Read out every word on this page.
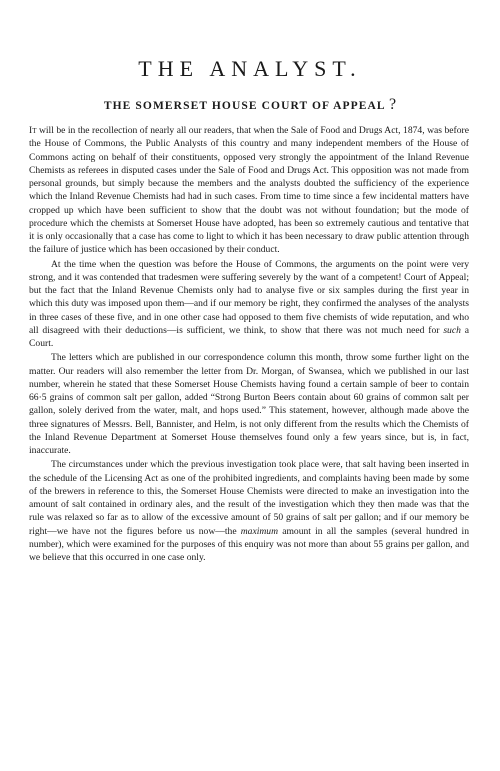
THE ANALYST.
THE SOMERSET HOUSE COURT OF APPEAL ?

It will be in the recollection of nearly all our readers, that when the Sale of Food and Drugs Act, 1874, was before the House of Commons, the Public Analysts of this country and many independent members of the House of Commons acting on behalf of their constituents, opposed very strongly the appointment of the Inland Revenue Chemists as referees in disputed cases under the Sale of Food and Drugs Act. This opposition was not made from personal grounds, but simply because the members and the analysts doubted the sufficiency of the experience which the Inland Revenue Chemists had had in such cases. From time to time since a few incidental matters have cropped up which have been sufficient to show that the doubt was not without foundation; but the mode of procedure which the chemists at Somerset House have adopted, has been so extremely cautious and tentative that it is only occasionally that a case has come to light to which it has been necessary to draw public attention through the failure of justice which has been occasioned by their conduct.

At the time when the question was before the House of Commons, the arguments on the point were very strong, and it was contended that tradesmen were suffering severely by the want of a competent! Court of Appeal; but the fact that the Inland Revenue Chemists only had to analyse five or six samples during the first year in which this duty was imposed upon them—and if our memory be right, they confirmed the analyses of the analysts in three cases of these five, and in one other case had opposed to them five chemists of wide reputation, and who all disagreed with their deductions—is sufficient, we think, to show that there was not much need for such a Court.

The letters which are published in our correspondence column this month, throw some further light on the matter. Our readers will also remember the letter from Dr. Morgan, of Swansea, which we published in our last number, wherein he stated that these Somerset House Chemists having found a certain sample of beer to contain 66·5 grains of common salt per gallon, added “Strong Burton Beers contain about 60 grains of common salt per gallon, solely derived from the water, malt, and hops used.” This statement, however, although made above the three signatures of Messrs. Bell, Bannister, and Helm, is not only different from the results which the Chemists of the Inland Revenue Department at Somerset House themselves found only a few years since, but is, in fact, inaccurate.

The circumstances under which the previous investigation took place were, that salt having been inserted in the schedule of the Licensing Act as one of the prohibited ingredients, and complaints having been made by some of the brewers in reference to this, the Somerset House Chemists were directed to make an investigation into the amount of salt contained in ordinary ales, and the result of the investigation which they then made was that the rule was relaxed so far as to allow of the excessive amount of 50 grains of salt per gallon; and if our memory be right—we have not the figures before us now—the maximum amount in all the samples (several hundred in number), which were examined for the purposes of this enquiry was not more than about 55 grains per gallon, and we believe that this occurred in one case only.
